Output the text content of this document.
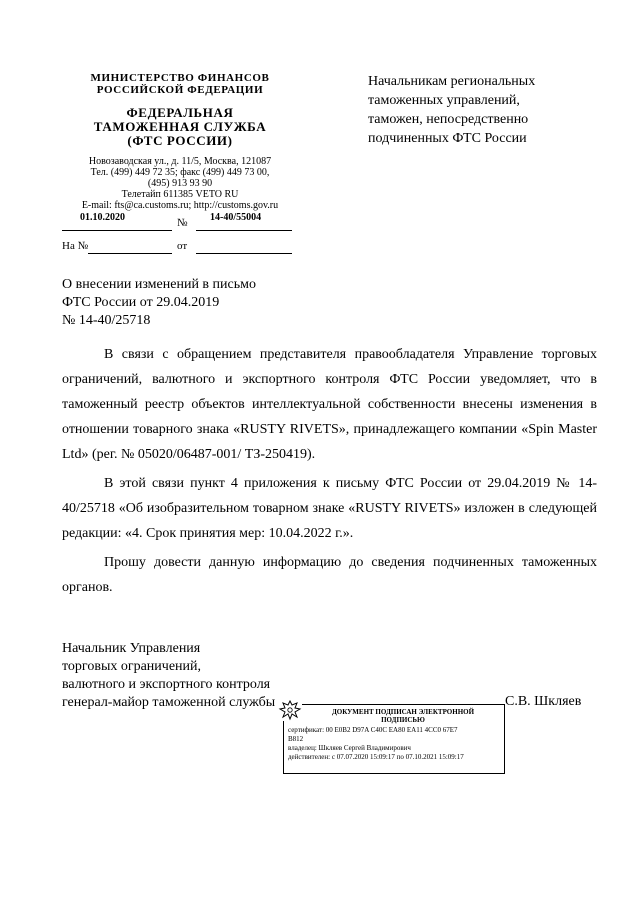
МИНИСТЕРСТВО ФИНАНСОВ
РОССИЙСКОЙ ФЕДЕРАЦИИ
ФЕДЕРАЛЬНАЯ
ТАМОЖЕННАЯ СЛУЖБА
(ФТС РОССИИ)
Новозаводская ул., д. 11/5, Москва, 121087
Тел. (499) 449 72 35; факс (499) 449 73 00,
(495) 913 93 90
Телетайп 611385 VETO RU
E-mail: fts@ca.customs.ru; http://customs.gov.ru
01.10.2020	№ 14-40/55004
На №	от
Начальникам региональных
таможенных управлений,
таможен, непосредственно
подчиненных ФТС России
О внесении изменений в письмо
ФТС России от 29.04.2019
№ 14-40/25718

В связи с обращением представителя правообладателя Управление торговых ограничений, валютного и экспортного контроля ФТС России уведомляет, что в таможенный реестр объектов интеллектуальной собственности внесены изменения в отношении товарного знака «RUSTY RIVETS», принадлежащего компании «Spin Master Ltd» (рег. № 05020/06487-001/ ТЗ-250419).

В этой связи пункт 4 приложения к письму ФТС России от 29.04.2019 № 14-40/25718 «Об изобразительном товарном знаке «RUSTY RIVETS» изложен в следующей редакции: «4. Срок принятия мер: 10.04.2022 г.».

Прошу довести данную информацию до сведения подчиненных таможенных органов.

Начальник Управления
торговых ограничений,
валютного и экспортного контроля
генерал-майор таможенной службы
ДОКУМЕНТ ПОДПИСАН ЭЛЕКТРОННОЙ
ПОДПИСЬЮ
сертификат: 00 E0B2 D97A C40C EA80 EA11 4CC0 67E7
B812
владелец: Шкляев Сергей Владимирович
действителен: с 07.07.2020 15:09:17 по 07.10.2021 15:09:17
С.В. Шкляев
